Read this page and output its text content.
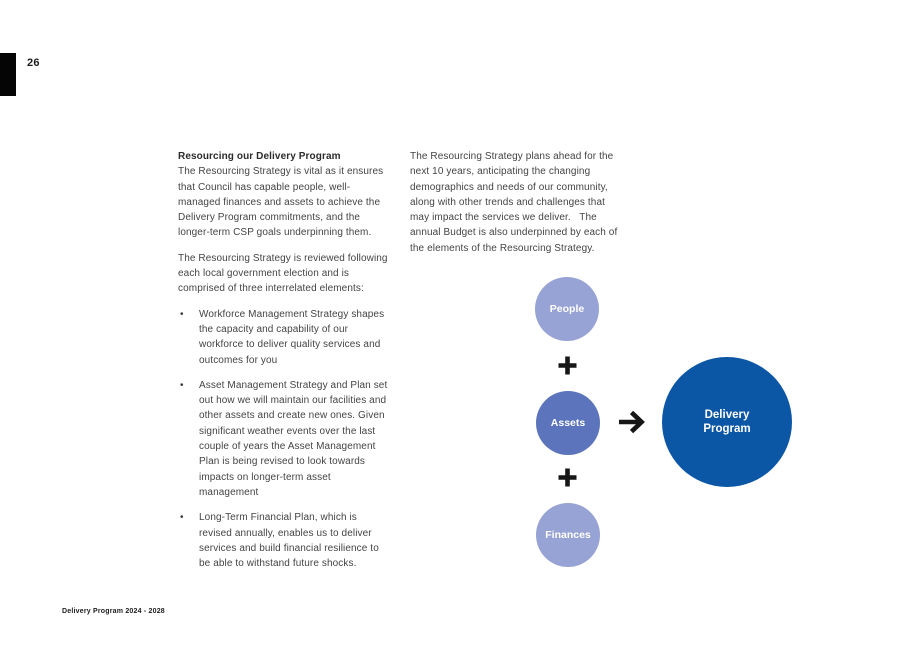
26
Resourcing our Delivery Program

The Resourcing Strategy is vital as it ensures that Council has capable people, well-managed finances and assets to achieve the Delivery Program commitments, and the longer-term CSP goals underpinning them.

The Resourcing Strategy is reviewed following each local government election and is comprised of three interrelated elements:

• Workforce Management Strategy shapes the capacity and capability of our workforce to deliver quality services and outcomes for you
• Asset Management Strategy and Plan set out how we will maintain our facilities and other assets and create new ones. Given significant weather events over the last couple of years the Asset Management Plan is being revised to look towards impacts on longer-term asset management
• Long-Term Financial Plan, which is revised annually, enables us to deliver services and build financial resilience to be able to withstand future shocks.

The Resourcing Strategy plans ahead for the next 10 years, anticipating the changing demographics and needs of our community, along with other trends and challenges that may impact the services we deliver.   The annual Budget is also underpinned by each of the elements of the Resourcing Strategy.

People
Assets
Finances
Delivery Program
Delivery Program 2024 - 2028
